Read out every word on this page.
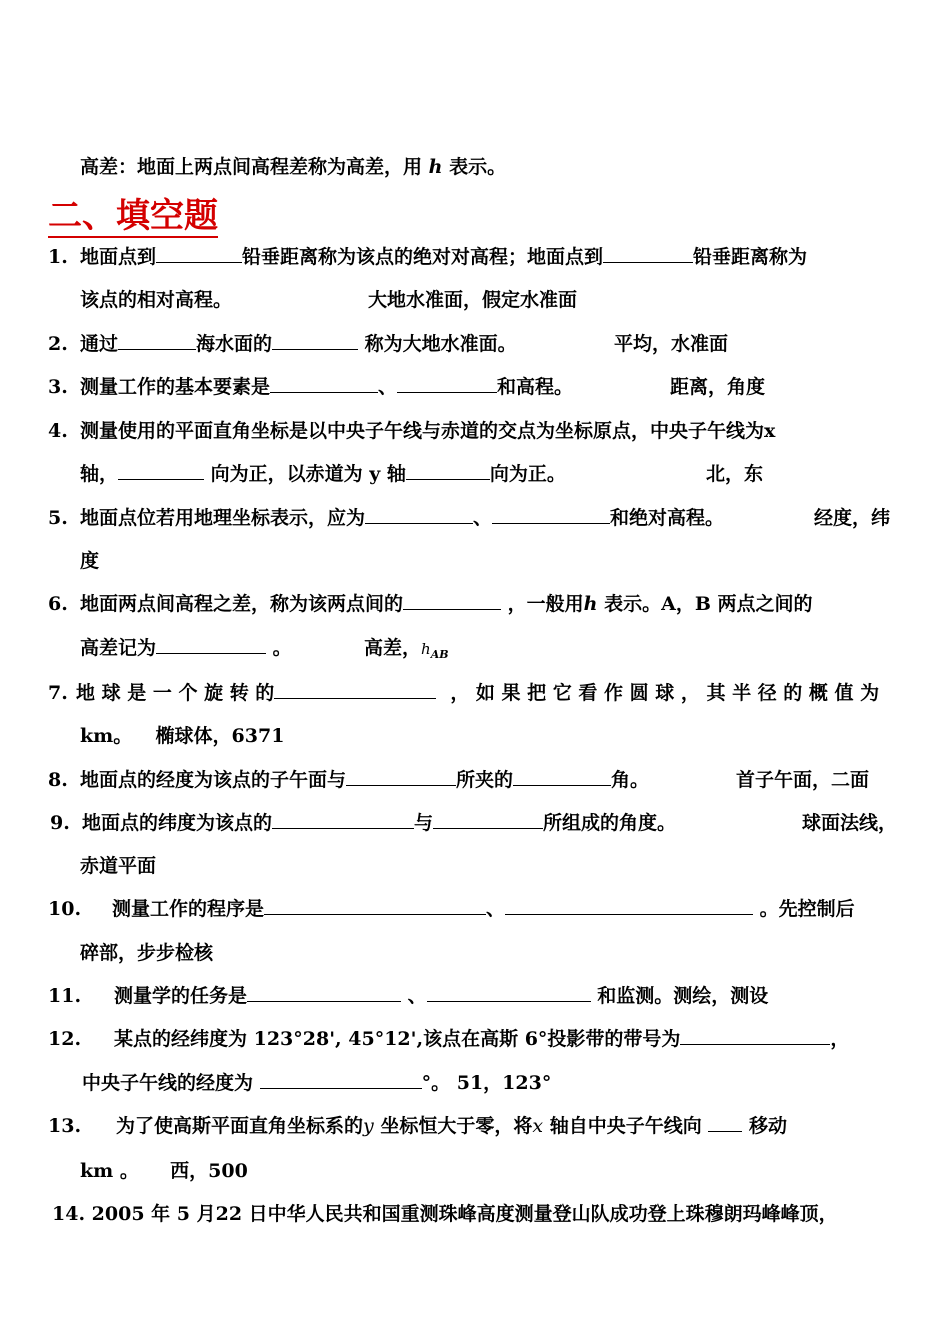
高差：地面上两点间高程差称为高差，用 h 表示。
二、填空题
1. 地面点到	铅垂距离称为该点的绝对对高程；地面点到	铅垂距离称为
该点的相对高程。	大地水准面，假定水准面
2. 通过	海水面的	称为大地水准面。	平均，水准面
3. 测量工作的基本要素是	、	和高程。	距离，角度
4. 测量使用的平面直角坐标是以中央子午线与赤道的交点为坐标原点，中央子午线为x
轴，	向为正，以赤道为 y 轴	向为正。	北，东
5. 地面点位若用地理坐标表示，应为	、	和绝对高程。	经度，纬
度
6. 地面两点间高程之差，称为该两点间的	，一般用h 表示。A，B 两点之间的
高差记为	。	高差，$h_{AB}$
7. 地 球 是 一 个 旋 转 的	， 如 果 把 它 看 作 圆 球 ， 其 半 径 的 概 值 为
km。 椭球体，6371
8. 地面点的经度为该点的子午面与	所夹的	角。	首子午面，二面
9. 地面点的纬度为该点的	与	所组成的角度。	球面法线，
赤道平面
10. 测量工作的程序是	、	。先控制后
碎部，步步检核
11. 测量学的任务是	、	和监测。测绘，测设
12. 某点的经纬度为 123°28', 45°12',该点在高斯 6°投影带的带号为	，
中央子午线的经度为	°。 51，123°
13. 为了使高斯平面直角坐标系的y 坐标恒大于零，将x 轴自中央子午线向  移动
km 。 西，500
14. 2005 年 5 月22 日中华人民共和国重测珠峰高度测量登山队成功登上珠穆朗玛峰峰顶，
